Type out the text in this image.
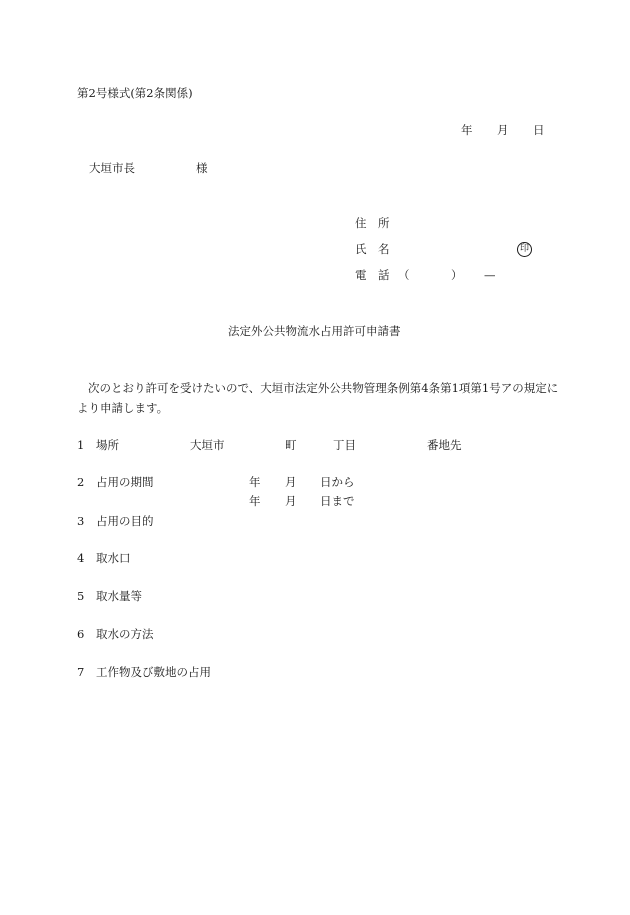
第2号様式(第2条関係)
年 月 日
大垣市長	様
住　所
氏　名	印
電　話 （	） —
法定外公共物流水占用許可申請書
次のとおり許可を受けたいので、大垣市法定外公共物管理条例第4条第1項第1号アの規定により申請します。
1 場所	大垣市	町	丁目	番地先
2 占用の期間	年 月 日から
年 月 日まで
3 占用の目的
4 取水口
5 取水量等
6 取水の方法
7 工作物及び敷地の占用
